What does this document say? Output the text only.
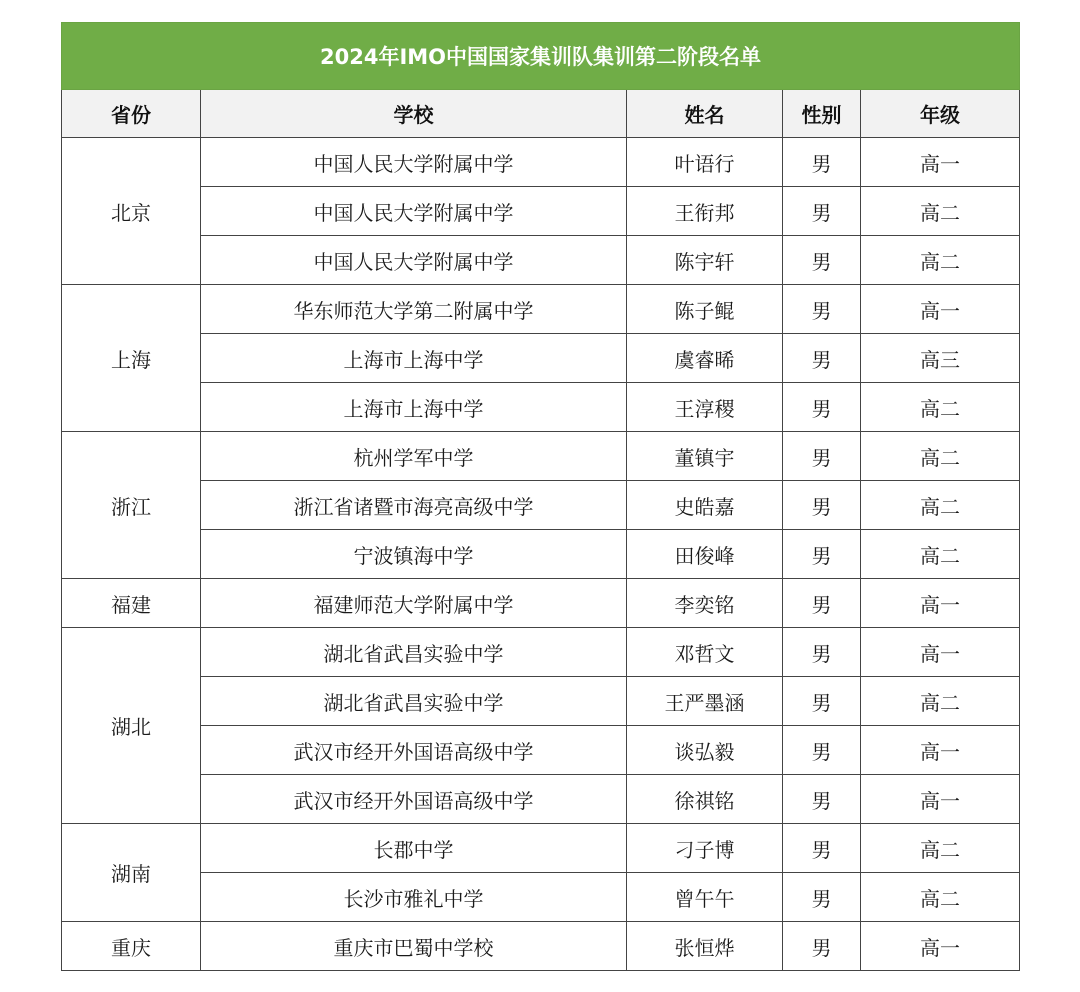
2024年IMO中国国家集训队集训第二阶段名单				
省份	学校	姓名	性别	年级
北京	中国人民大学附属中学	叶语行	男	高一
	中国人民大学附属中学	王衔邦	男	高二
	中国人民大学附属中学	陈宇轩	男	高二
上海	华东师范大学第二附属中学	陈子鲲	男	高一
	上海市上海中学	虞睿晞	男	高三
	上海市上海中学	王淳稷	男	高二
浙江	杭州学军中学	董镇宇	男	高二
	浙江省诸暨市海亮高级中学	史皓嘉	男	高二
	宁波镇海中学	田俊峰	男	高二
福建	福建师范大学附属中学	李奕铭	男	高一
湖北	湖北省武昌实验中学	邓哲文	男	高一
	湖北省武昌实验中学	王严墨涵	男	高二
	武汉市经开外国语高级中学	谈弘毅	男	高一
	武汉市经开外国语高级中学	徐祺铭	男	高一
湖南	长郡中学	刁子博	男	高二
	长沙市雅礼中学	曾午午	男	高二
重庆	重庆市巴蜀中学校	张恒烨	男	高一
